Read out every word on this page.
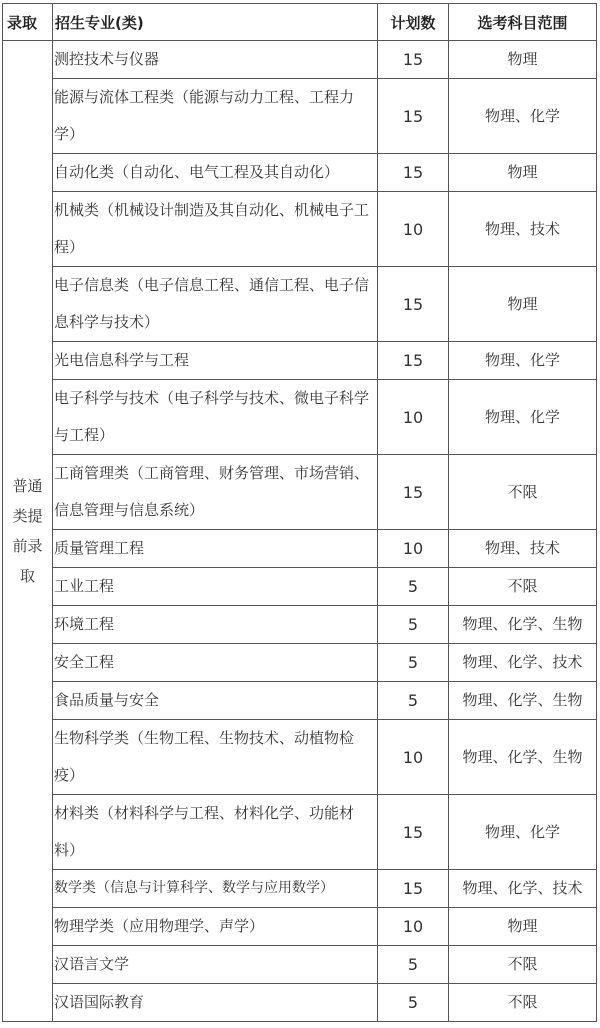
录取	招生专业(类)	计划数	选考科目范围
普通类提前录取	测控技术与仪器	15	物理
	能源与流体工程类（能源与动力工程、工程力学）	15	物理、化学
	自动化类（自动化、电气工程及其自动化）	15	物理
	机械类（机械设计制造及其自动化、机械电子工程）	10	物理、技术
	电子信息类（电子信息工程、通信工程、电子信息科学与技术）	15	物理
	光电信息科学与工程	15	物理、化学
	电子科学与技术（电子科学与技术、微电子科学与工程）	10	物理、化学
	工商管理类（工商管理、财务管理、市场营销、信息管理与信息系统）	15	不限
	质量管理工程	10	物理、技术
	工业工程	5	不限
	环境工程	5	物理、化学、生物
	安全工程	5	物理、化学、技术
	食品质量与安全	5	物理、化学、生物
	生物科学类（生物工程、生物技术、动植物检疫）	10	物理、化学、生物
	材料类（材料科学与工程、材料化学、功能材料）	15	物理、化学
	数学类（信息与计算科学、数学与应用数学）	15	物理、化学、技术
	物理学类（应用物理学、声学）	10	物理
	汉语言文学	5	不限
	汉语国际教育	5	不限
